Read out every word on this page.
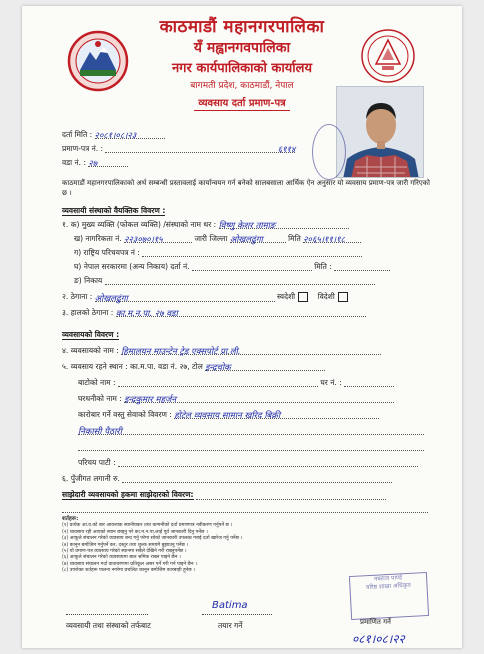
काठमाडौं महानगरपालिका
यँ मह्वानगवपालिका
नगर कार्यपालिकाको कार्यालय
बागमती प्रदेश, काठमाडौं, नेपाल
व्यवसाय दर्ता प्रमाण-पत्र
दर्ता मिति : २०८१।०८।२३
प्रमाण-पत्र नं. :	६११४
वडा नं. : २७
काठमाडौं महानगरपालिकाको अर्थ सम्बन्धी प्रस्तावलाई कार्यान्वयन गर्न बनेको सालबसाला आर्थिक ऐन अनुसार यो व्यवसाय प्रमाण-पत्र जारी गरिएको छ ।
व्यवसायी संस्थाको वैयक्तिक विवरण :
१. क) मुख्य व्यक्ति (फोकल व्यक्ति) /संस्थाको नाम थर : विष्णु केशर तामाङ
ख) नागरिकता नं. २२३०७०।१५	जारी जिल्ला ओखलढुंगा	मिति २०६५।११।१८
ग) राष्ट्रिय परिचयपत्र नं :
घ) नेपाल सरकारमा (अन्य निकाय) दर्ता नं.	मिति :
ङ) निकाय
२. ठेगाना : ओखलढुंगा	स्वदेशी	विदेशी
३. हालको ठेगाना : का.म.न.पा. २७ वडा
व्यवसायको विवरण :
४. व्यवसायको नाम : हिमालयन माउन्टेन ट्रेड एक्सपोर्ट प्रा.ली.
५. व्यवसाय रहने स्थान : का.म.पा. वडा नं. २७, टोल इन्द्रचोक
बाटोको नाम :	घर नं. :
घरधनीको नाम : इन्द्रकुमार महर्जन
कारोबार गर्ने वस्तु सेवाको विवरण : होटेल व्यवसाय सामान खरिद बिक्री
निकासी पैठारी
परिचय पाटी :
६. पुँजीगत लगानी रु.
साझेदारी व्यवसायको हकमा साझेदारको विवरण:
शर्तहरू:
(१) प्रत्येक आ.व.को बार आवश्यक स्थानीयकर तथा कम्पनीको दर्ता प्रमाणपत्र नवीकरण गर्नुपर्ने छ ।
(२) व्यवसाय रही आएको स्थान छाड्नु परे का.म.न.पा.लाई पूर्व जानकारी दिनु पर्नेछ ।
(३) आफूले संचालन गरेको व्यवसाय बन्द गर्नु परेमा सोको जानकारी उपलब्ध गराई दर्ता खारेज गर्नु पर्नेछ ।
(४) कानून बमोजिम गर्नुपर्ने कर, दस्तुर तथा शुल्क समयमै बुझाउनु पर्नेछ ।
(५) यो प्रमाण-पत्र व्यवसाय गरेको स्थानमा सबैले देखिने गरी राख्नुपर्नेछ ।
(६) आफूले संचालन गरेको व्यवसायमा बाल श्रमिक राख्न पाइने छैन ।
(७) व्यवसाय संचालन गर्दा वातावरणमा प्रतिकूल असर पर्ने गरी गर्न पाइने छैन ।
(८) उपरोक्त शर्तहरू पालना नगरेमा प्रचलित कानून बमोजिम कारबाही हुनेछ ।
नवराज पाण्डे
वरिष्ठ शाखा अधिकृत
व्यवसायी तथा संस्थाको तर्फबाट
Batima
तयार गर्ने	प्रमाणित गर्ने
०८१।०८।२२
